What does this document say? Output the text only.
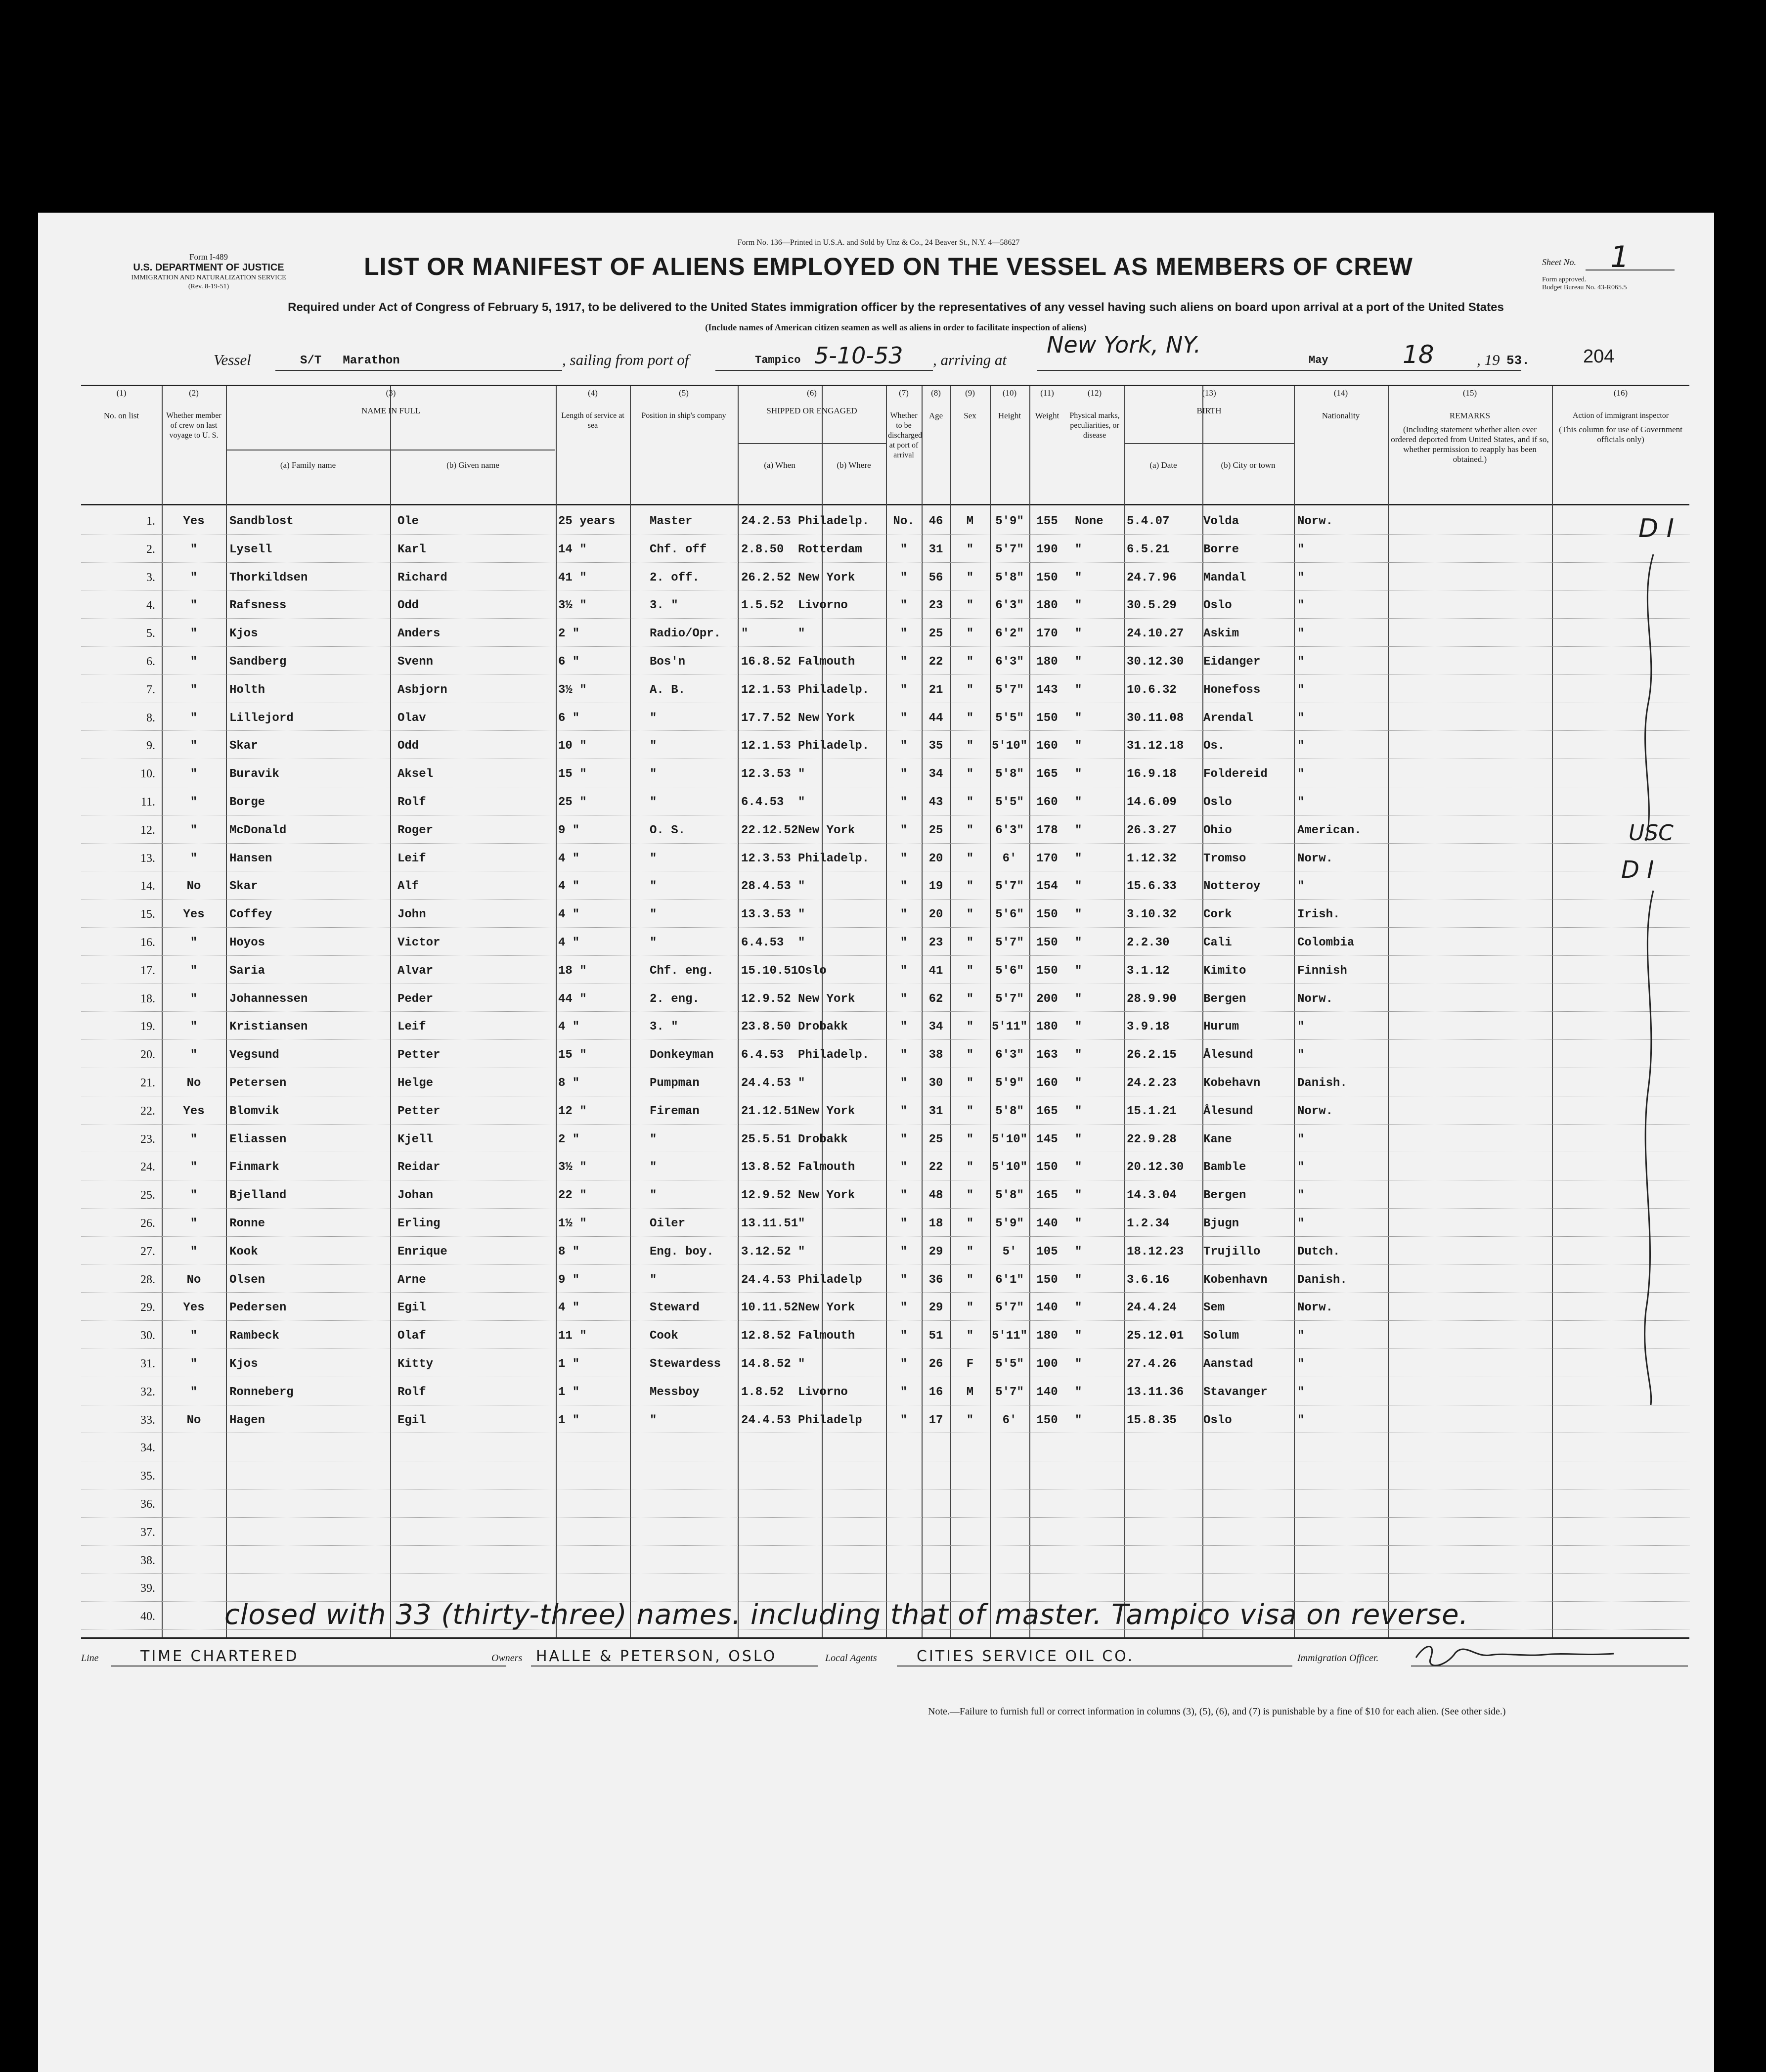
Form I-489
U.S. DEPARTMENT OF JUSTICE
IMMIGRATION AND NATURALIZATION SERVICE
(Rev. 8-19-51)
Form No. 136—Printed in U.S.A. and Sold by Unz & Co., 24 Beaver St., N.Y. 4—58627
LIST OR MANIFEST OF ALIENS EMPLOYED ON THE VESSEL AS MEMBERS OF CREW	Sheet No. 1
Form approved.
Budget Bureau No. 43-R065.5
Required under Act of Congress of February 5, 1917, to be delivered to the United States immigration officer by the representatives of any vessel having such aliens on board upon arrival at a port of the United States
(Include names of American citizen seamen as well as aliens in order to facilitate inspection of aliens)
Vessel	S/T   Marathon	, sailing from port of	Tampico 5-10-53 , arriving at
New York, NY.
May	18	, 19 53.	204
(1)
No. on list
(2)
Whether member of crew on last voyage to U. S.
(3)
NAME IN FULL
(a) Family name	(b) Given name
(4)
Length of service at sea
(5)
Position in ship's company
(6)
SHIPPED OR ENGAGED
(a) When	(b) Where
(7)
Whether to be discharged at port of arrival
(8)
Age
(9)
Sex
(10)
Height
(11)
Weight
(12)
Physical marks, peculiarities, or disease
(13)
BIRTH
(a) Date	(b) City or town
(14)
Nationality
(15)
REMARKS
(Including statement whether alien ever ordered deported from United States, and if so, whether permission to reapply has been obtained.)
(16)
Action of immigrant inspector
(This column for use of Government officials only)
1.	Yes	Sandblost	Ole	25 years	Master	24.2.53 Philadelp.	No.	46	M	5'9"	155	None	5.4.07	Volda	Norw.
2.	"	Lysell	Karl	14 "	Chf. off	2.8.50	Rotterdam	"	31	"	5'7"	190	"	6.5.21	Borre	"
3.	"	Thorkildsen	Richard	41 "	2. off.	26.2.52 New York	"	56	"	5'8"	150	"	24.7.96	Mandal	"
4.	"	Rafsness	Odd	3½ "	3. "	1.5.52	Livorno	"	23	"	6'3"	180	"	30.5.29	Oslo	"
5.	"	Kjos	Anders	2 "	Radio/Opr.	"	"	"	25	"	6'2"	170	"	24.10.27	Askim	"
6.	"	Sandberg	Svenn	6 "	Bos'n	16.8.52 Falmouth	"	22	"	6'3"	180	"	30.12.30	Eidanger	"
7.	"	Holth	Asbjorn	3½ "	A. B.	12.1.53 Philadelp.	"	21	"	5'7"	143	"	10.6.32	Honefoss	"
8.	"	Lillejord	Olav	6 "	"	17.7.52 New York	"	44	"	5'5"	150	"	30.11.08	Arendal	"
9.	"	Skar	Odd	10 "	"	12.1.53 Philadelp.	"	35	"	5'10" 160	"	31.12.18	Os.	"
10.	"	Buravik	Aksel	15 "	"	12.3.53 "	"	34	"	5'8"	165	"	16.9.18	Foldereid	"
11.	"	Borge	Rolf	25 "	"	6.4.53	"	"	43	"	5'5"	160	"	14.6.09	Oslo	"
12.	"	McDonald	Roger	9 "	O. S.	22.12.52 New York	"	25	"	6'3"	178	"	26.3.27	Ohio	American.
13.	"	Hansen	Leif	4 "	"	12.3.53 Philadelp.	"	20	"	6'	170	"	1.12.32	Tromso	Norw.
14.	No	Skar	Alf	4 "	"	28.4.53 "	"	19	"	5'7"	154	"	15.6.33	Notteroy	"
15.	Yes	Coffey	John	4 "	"	13.3.53 "	"	20	"	5'6"	150	"	3.10.32	Cork	Irish.
16.	"	Hoyos	Victor	4 "	"	6.4.53	"	"	23	"	5'7"	150	"	2.2.30	Cali	Colombia
17.	"	Saria	Alvar	18 "	Chf. eng.	15.10.51 Oslo	"	41	"	5'6"	150	"	3.1.12	Kimito	Finnish
18.	"	Johannessen	Peder	44 "	2. eng.	12.9.52 New York	"	62	"	5'7"	200	"	28.9.90	Bergen	Norw.
19.	"	Kristiansen	Leif	4 "	3. "	23.8.50 Drobakk	"	34	"	5'11" 180	"	3.9.18	Hurum	"
20.	"	Vegsund	Petter	15 "	Donkeyman	6.4.53	Philadelp.	"	38	"	6'3"	163	"	26.2.15	Ålesund	"
21.	No	Petersen	Helge	8 "	Pumpman	24.4.53 "	"	30	"	5'9"	160	"	24.2.23	Kobehavn	Danish.
22.	Yes	Blomvik	Petter	12 "	Fireman	21.12.51 New York	"	31	"	5'8"	165	"	15.1.21	Ålesund	Norw.
23.	"	Eliassen	Kjell	2 "	"	25.5.51 Drobakk	"	25	"	5'10" 145	"	22.9.28	Kane	"
24.	"	Finmark	Reidar	3½ "	"	13.8.52 Falmouth	"	22	"	5'10" 150	"	20.12.30	Bamble	"
25.	"	Bjelland	Johan	22 "	"	12.9.52 New York	"	48	"	5'8"	165	"	14.3.04	Bergen	"
26.	"	Ronne	Erling	1½ "	Oiler	13.11.51 "	"	18	"	5'9"	140	"	1.2.34	Bjugn	"
27.	"	Kook	Enrique	8 "	Eng. boy.	3.12.52 "	"	29	"	5'	105	"	18.12.23	Trujillo	Dutch.
28.	No	Olsen	Arne	9 "	"	24.4.53 Philadelp	"	36	"	6'1"	150	"	3.6.16	Kobenhavn	Danish.
29.	Yes	Pedersen	Egil	4 "	Steward	10.11.52 New York	"	29	"	5'7"	140	"	24.4.24	Sem	Norw.
30.	"	Rambeck	Olaf	11 "	Cook	12.8.52 Falmouth	"	51	"	5'11" 180	"	25.12.01	Solum	"
31.	"	Kjos	Kitty	1 "	Stewardess	14.8.52 "	"	26	F	5'5"	100	"	27.4.26	Aanstad	"
32.	"	Ronneberg	Rolf	1 "	Messboy	1.8.52	Livorno	"	16	M	5'7"	140	"	13.11.36	Stavanger	"
33.	No	Hagen	Egil	1 "	"	24.4.53 Philadelp	"	17	"	6'	150	"	15.8.35	Oslo	"
34.
35.
36.
37.
38.
39.
40.	closed with 33 (thirty-three) names. including that of master. Tampico visa on reverse.
D I
USC
D I
Line	TIME CHARTERED	Owners HALLE & PETERSON, OSLO	Local Agents	CITIES SERVICE OIL CO.	Immigration Officer.
Note.—Failure to furnish full or correct information in columns (3), (5), (6), and (7) is punishable by a fine of $10 for each alien. (See other side.)
